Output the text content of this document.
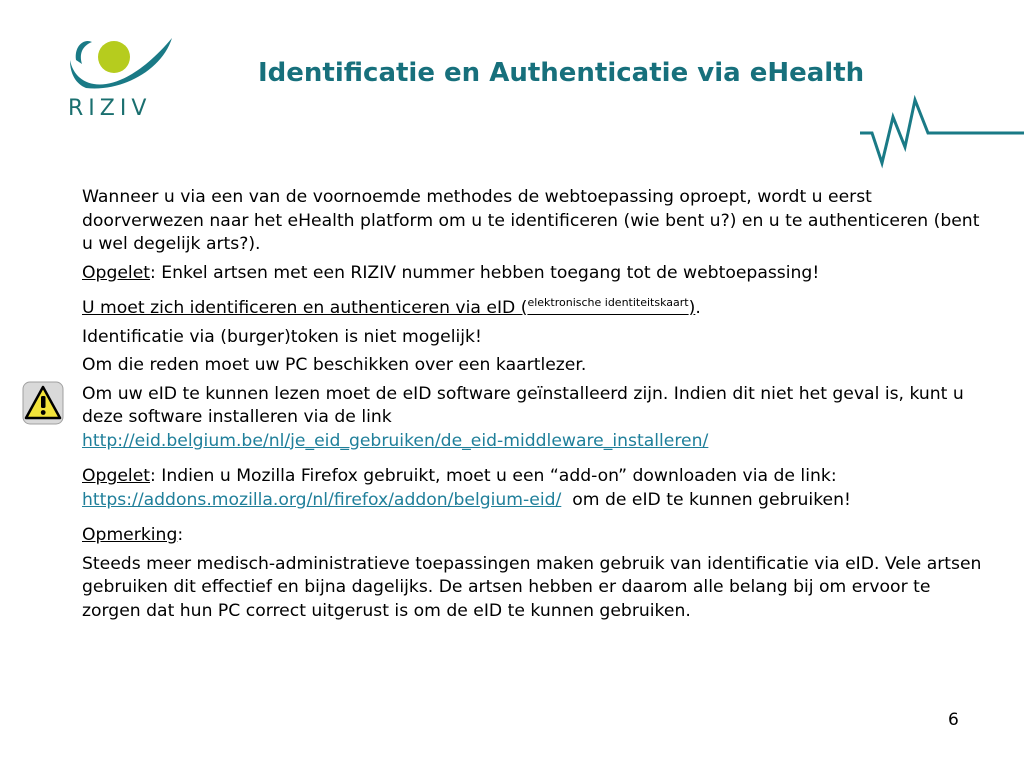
RIZIV
Identificatie en Authenticatie via eHealth

Wanneer u via een van de voornoemde methodes de webtoepassing oproept, wordt u eerst doorverwezen naar het eHealth platform om u te identificeren (wie bent u?) en u te authenticeren (bent u wel degelijk arts?).

Opgelet: Enkel artsen met een RIZIV nummer hebben toegang tot de webtoepassing!

U moet zich identificeren en authenticeren via eID ($^{elektronische identiteitskaart}$).

Identificatie via (burger)token is niet mogelijk!

Om die reden moet uw PC beschikken over een kaartlezer.

Om uw eID te kunnen lezen moet de eID software geïnstalleerd zijn. Indien dit niet het geval is, kunt u deze software installeren via de link
http://eid.belgium.be/nl/je_eid_gebruiken/de_eid-middleware_installeren/

Opgelet: Indien u Mozilla Firefox gebruikt, moet u een “add-on” downloaden via de link: https://addons.mozilla.org/nl/firefox/addon/belgium-eid/  om de eID te kunnen gebruiken!

Opmerking:

Steeds meer medisch-administratieve toepassingen maken gebruik van identificatie via eID. Vele artsen gebruiken dit effectief en bijna dagelijks. De artsen hebben er daarom alle belang bij om ervoor te zorgen dat hun PC correct uitgerust is om de eID te kunnen gebruiken.

6
